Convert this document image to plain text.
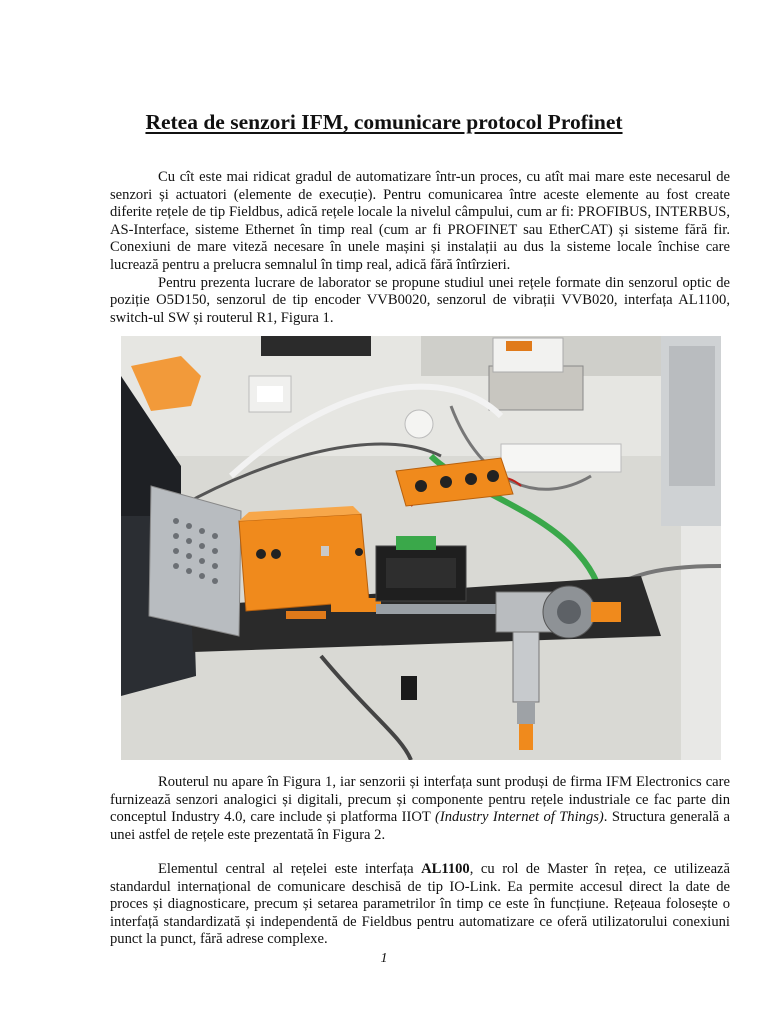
Retea de senzori IFM, comunicare protocol Profinet
Cu cît este mai ridicat gradul de automatizare într-un proces, cu atît mai mare este necesarul de senzori și actuatori (elemente de execuție). Pentru comunicarea între aceste elemente au fost create diferite rețele de tip Fieldbus, adică rețele locale la nivelul câmpului, cum ar fi: PROFIBUS, INTERBUS, AS-Interface, sisteme Ethernet în timp real (cum ar fi PROFINET sau EtherCAT) și sisteme fără fir. Conexiuni de mare viteză necesare în unele mașini și instalații au dus la sisteme locale închise care lucrează pentru a prelucra semnalul în timp real, adică fără întîrzieri.
Pentru prezenta lucrare de laborator se propune studiul unei rețele formate din senzorul optic de poziție O5D150, senzorul de tip encoder VVB0020, senzorul de vibrații VVB020, interfața AL1100, switch-ul SW și routerul R1, Figura 1.
Routerul nu apare în Figura 1, iar senzorii și interfața sunt produși de firma IFM Electronics care furnizează senzori analogici și digitali, precum și componente pentru rețele industriale ce fac parte din conceptul Industry 4.0, care include și platforma IIOT (Industry Internet of Things). Structura generală a unei astfel de rețele este prezentată în Figura 2.
Elementul central al rețelei este interfața AL1100, cu rol de Master în rețea, ce utilizează standardul internațional de comunicare deschisă de tip IO-Link. Ea permite accesul direct la date de proces și diagnosticare, precum și setarea parametrilor în timp ce este în funcțiune. Rețeaua folosește o interfață standardizată și independentă de Fieldbus pentru automatizare ce oferă utilizatorului conexiuni punct la punct, fără adrese complexe.
1
